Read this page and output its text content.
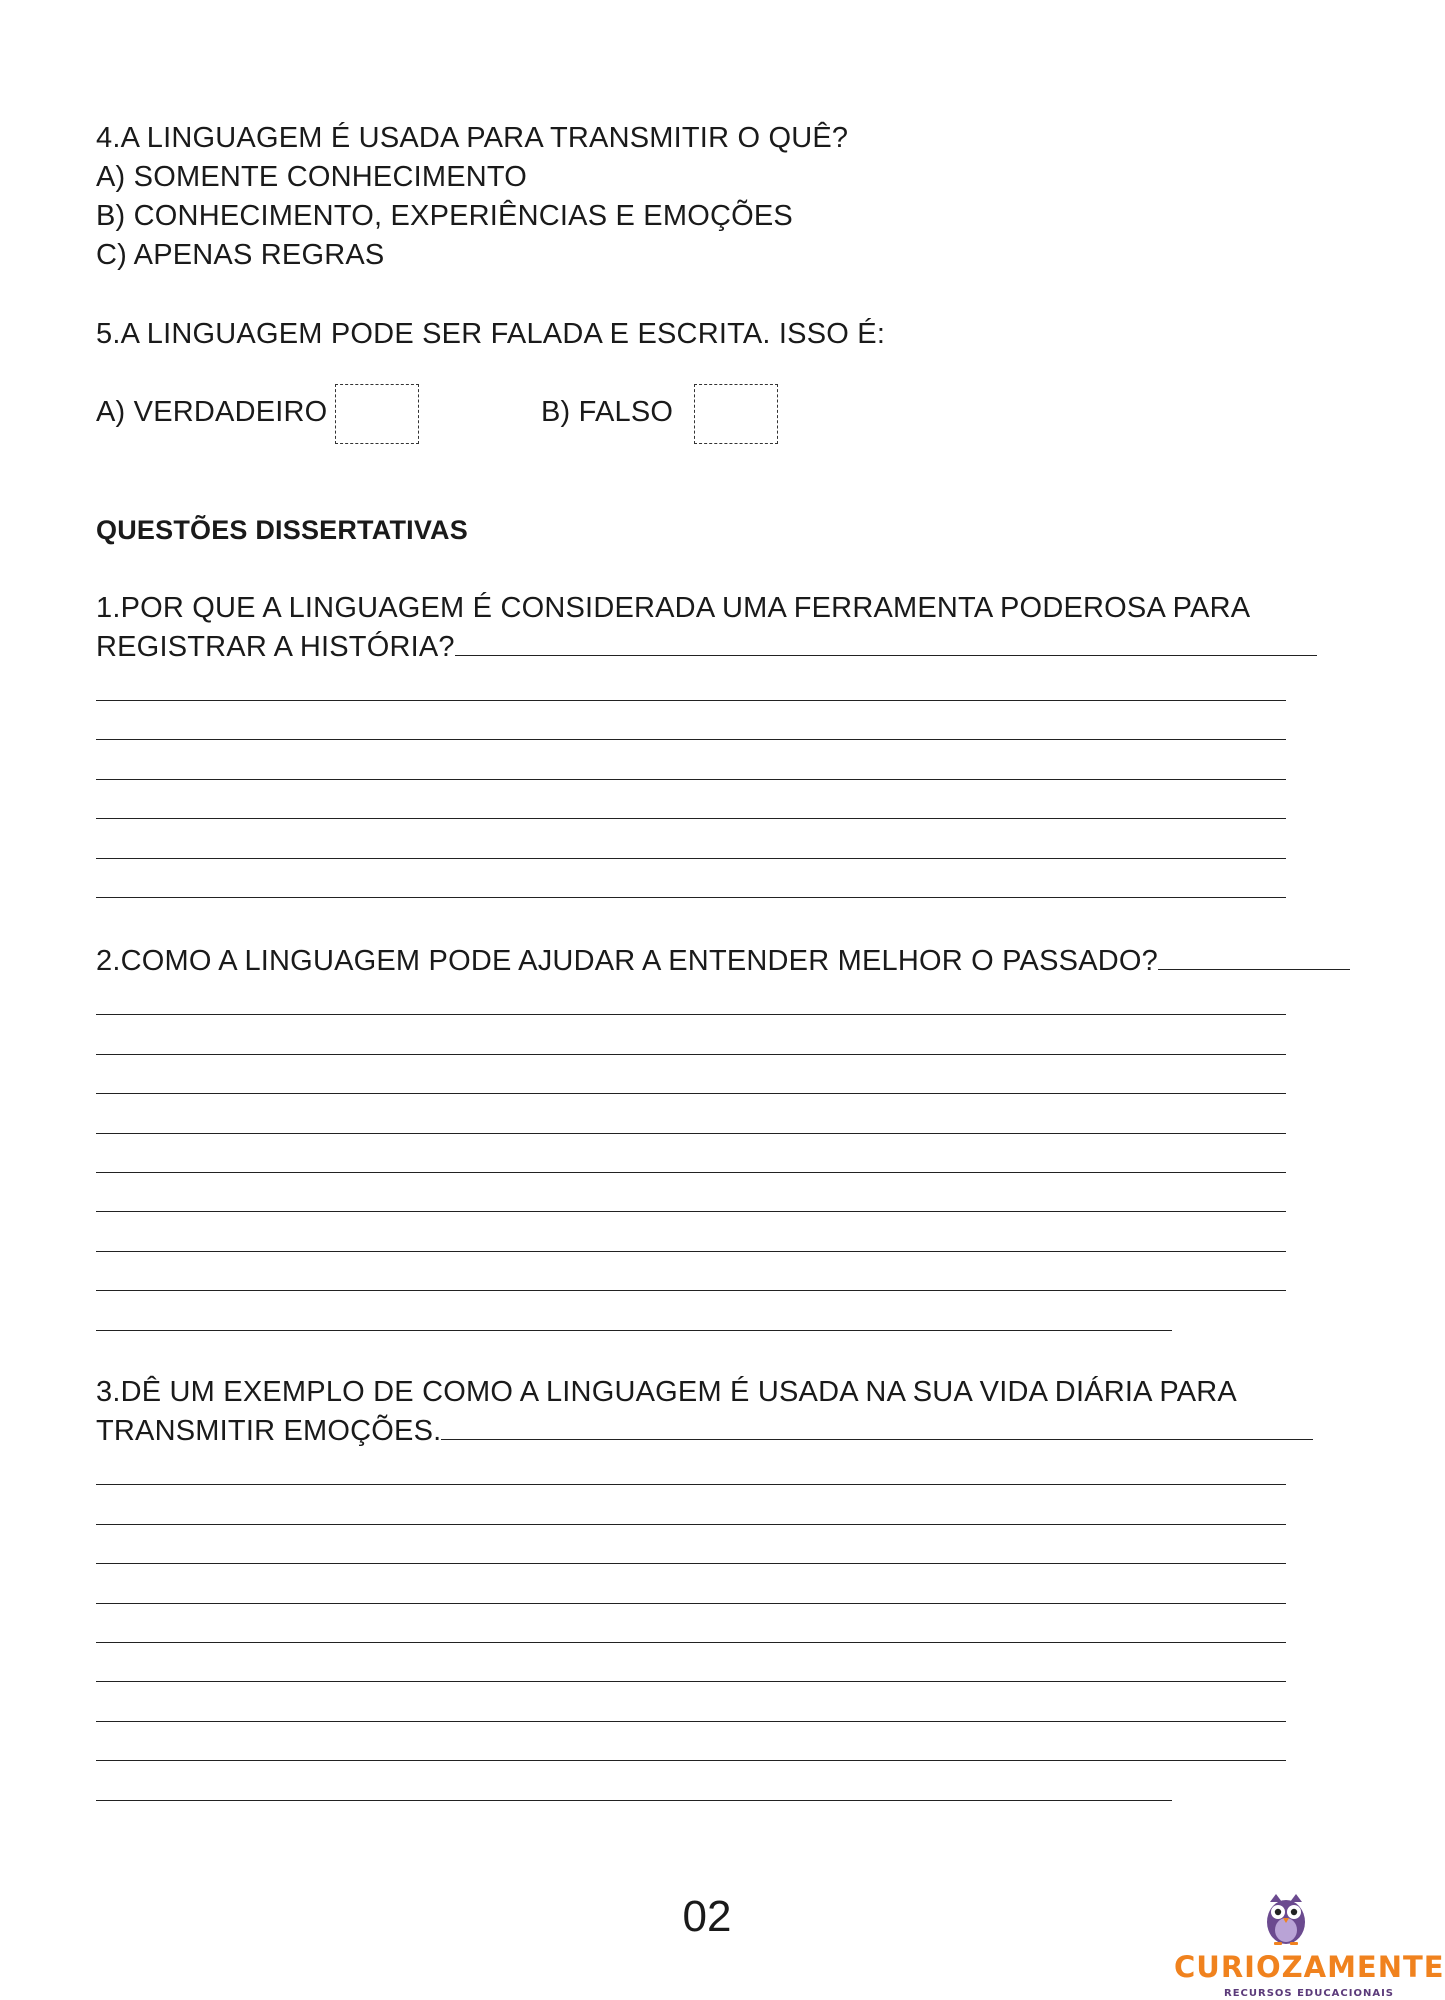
4.A LINGUAGEM É USADA PARA TRANSMITIR O QUÊ?
A) SOMENTE CONHECIMENTO
B) CONHECIMENTO, EXPERIÊNCIAS E EMOÇÕES
C) APENAS REGRAS
5.A LINGUAGEM PODE SER FALADA E ESCRITA. ISSO É:
A) VERDADEIRO	B) FALSO
QUESTÕES DISSERTATIVAS
1.POR QUE A LINGUAGEM É CONSIDERADA UMA FERRAMENTA PODEROSA PARA
REGISTRAR A HISTÓRIA?
2.COMO A LINGUAGEM PODE AJUDAR A ENTENDER MELHOR O PASSADO?
3.DÊ UM EXEMPLO DE COMO A LINGUAGEM É USADA NA SUA VIDA DIÁRIA PARA
TRANSMITIR EMOÇÕES.
02
CURIOZAMENTE
RECURSOS EDUCACIONAIS
